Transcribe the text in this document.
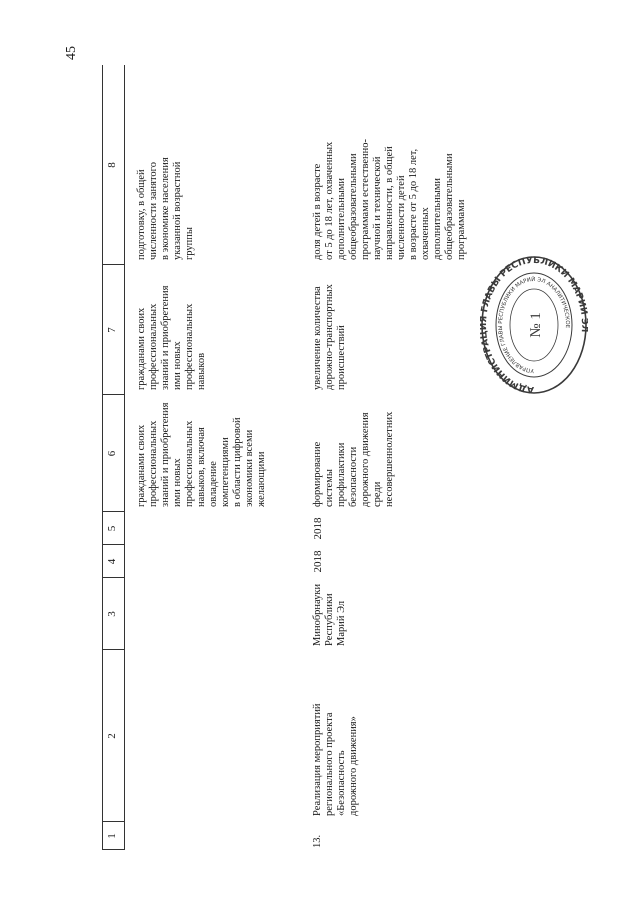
45
1
2
3
4
5
6
7
8
гражданами своих
профессиональных
знаний и приобретения
ими новых
профессиональных
навыков, включая
овладение
компетенциями
в области цифровой
экономики всеми
желающими
гражданами своих
профессиональных
знаний и приобретения
ими новых
профессиональных
навыков
подготовку, в общей
численности занятого
в экономике населения
указанной возрастной
группы
13.
Реализация мероприятий
регионального проекта
«Безопасность
дорожного движения»
Минобрнауки
Республики
Марий Эл
2018
2018
формирование
системы
профилактики
безопасности
дорожного движения
среди
несовершеннолетних
увеличение количества
дорожно-транспортных
происшествий
доля детей в возрасте
от 5 до 18 лет, охваченных
дополнительными
общеобразовательными
программами естественно-
научной и технической
направленности, в общей
численности детей
в возрасте от 5 до 18 лет,
охваченных
дополнительными
общеобразовательными
программами
АДМИНИСТРАЦ ГЛАВЫ РЕСПУБЛИКИ МАРИЙ
УПРАВЛЕНИЕ ГЛАВЫ РЕСПУБЛИКИ МАРИЙ ЭЛ АНАЛИТИЧЕСКОЕ
№ 1
